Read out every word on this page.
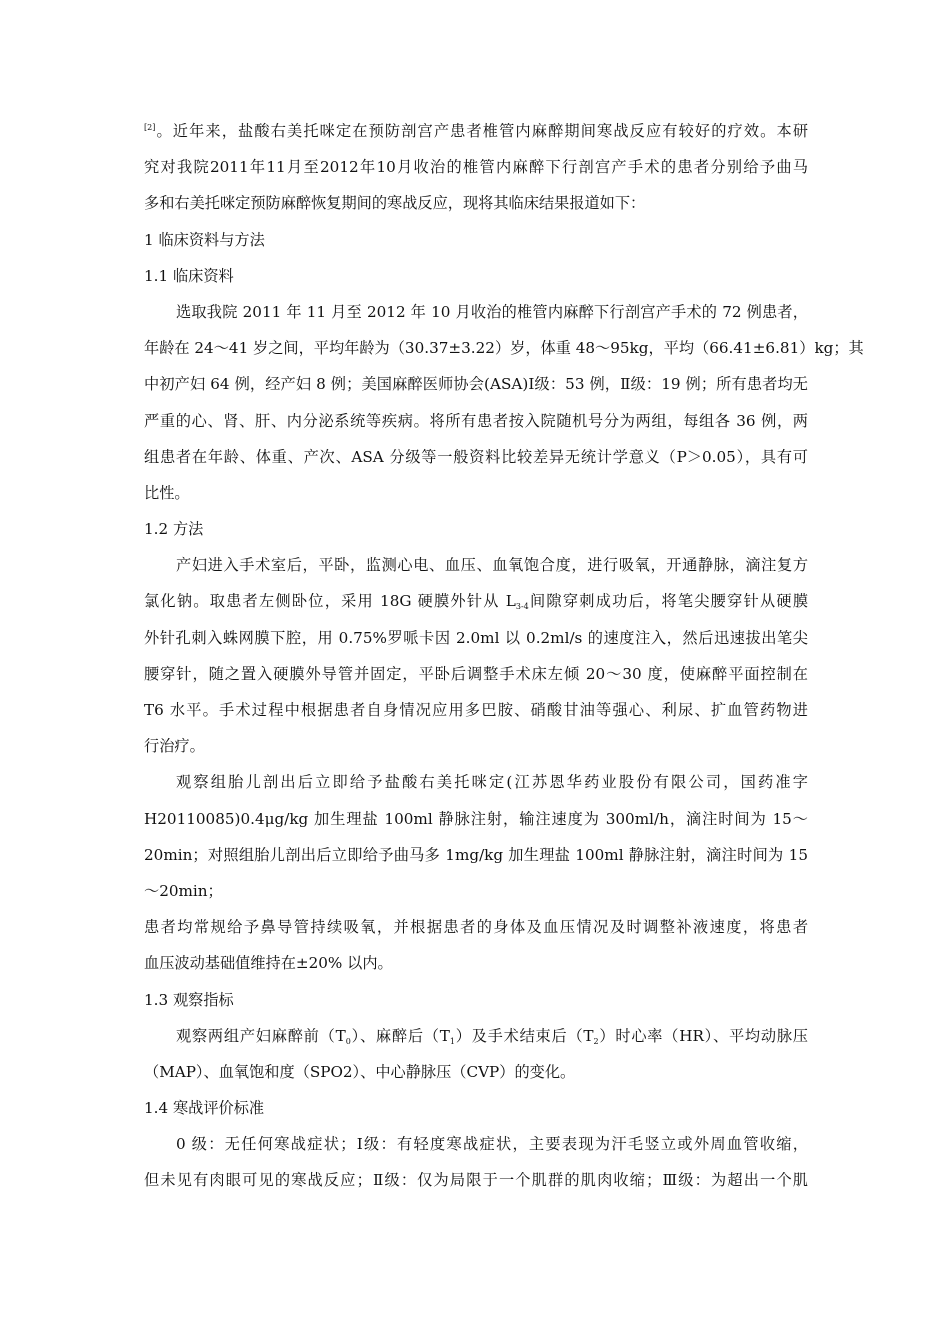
[2]。近年来，盐酸右美托咪定在预防剖宫产患者椎管内麻醉期间寒战反应有较好的疗效。本研
究对我院2011年11月至2012年10月收治的椎管内麻醉下行剖宫产手术的患者分别给予曲马
多和右美托咪定预防麻醉恢复期间的寒战反应，现将其临床结果报道如下：
1 临床资料与方法
1.1 临床资料
选取我院 2011 年 11 月至 2012 年 10 月收治的椎管内麻醉下行剖宫产手术的 72 例患者，
年龄在 24～41 岁之间，平均年龄为（30.37±3.22）岁，体重 48～95kg，平均（66.41±6.81）kg；其
中初产妇 64 例，经产妇 8 例；美国麻醉医师协会(ASA)Ⅰ级：53 例，Ⅱ级：19 例；所有患者均无
严重的心、肾、肝、内分泌系统等疾病。将所有患者按入院随机号分为两组，每组各 36 例，两
组患者在年龄、体重、产次、ASA 分级等一般资料比较差异无统计学意义（P＞0.05），具有可
比性。
1.2 方法
产妇进入手术室后，平卧，监测心电、血压、血氧饱合度，进行吸氧，开通静脉，滴注复方
氯化钠。取患者左侧卧位，采用 18G 硬膜外针从 $L_{3-4}$间隙穿刺成功后，将笔尖腰穿针从硬膜
外针孔刺入蛛网膜下腔，用 0.75%罗哌卡因 2.0ml 以 0.2ml/s 的速度注入，然后迅速拔出笔尖
腰穿针，随之置入硬膜外导管并固定，平卧后调整手术床左倾 20～30 度，使麻醉平面控制在
T6 水平。手术过程中根据患者自身情况应用多巴胺、硝酸甘油等强心、利尿、扩血管药物进
行治疗。
观察组胎儿剖出后立即给予盐酸右美托咪定(江苏恩华药业股份有限公司，国药准字
H20110085)0.4μg/kg 加生理盐 100ml 静脉注射，输注速度为 300ml/h，滴注时间为 15～
20min；对照组胎儿剖出后立即给予曲马多 1mg/kg 加生理盐 100ml 静脉注射，滴注时间为 15
～20min；
患者均常规给予鼻导管持续吸氧，并根据患者的身体及血压情况及时调整补液速度，将患者
血压波动基础值维持在±20% 以内。
1.3 观察指标
观察两组产妇麻醉前$(T_0)$、麻醉后$(T_1)$及手术结束后$(T_2)$时心率（HR）、平均动脉压
（MAP）、血氧饱和度（SPO2）、中心静脉压（CVP）的变化。
1.4 寒战评价标准
0 级：无任何寒战症状；Ⅰ级：有轻度寒战症状，主要表现为汗毛竖立或外周血管收缩，
但未见有肉眼可见的寒战反应；Ⅱ级：仅为局限于一个肌群的肌肉收缩；Ⅲ级：为超出一个肌
